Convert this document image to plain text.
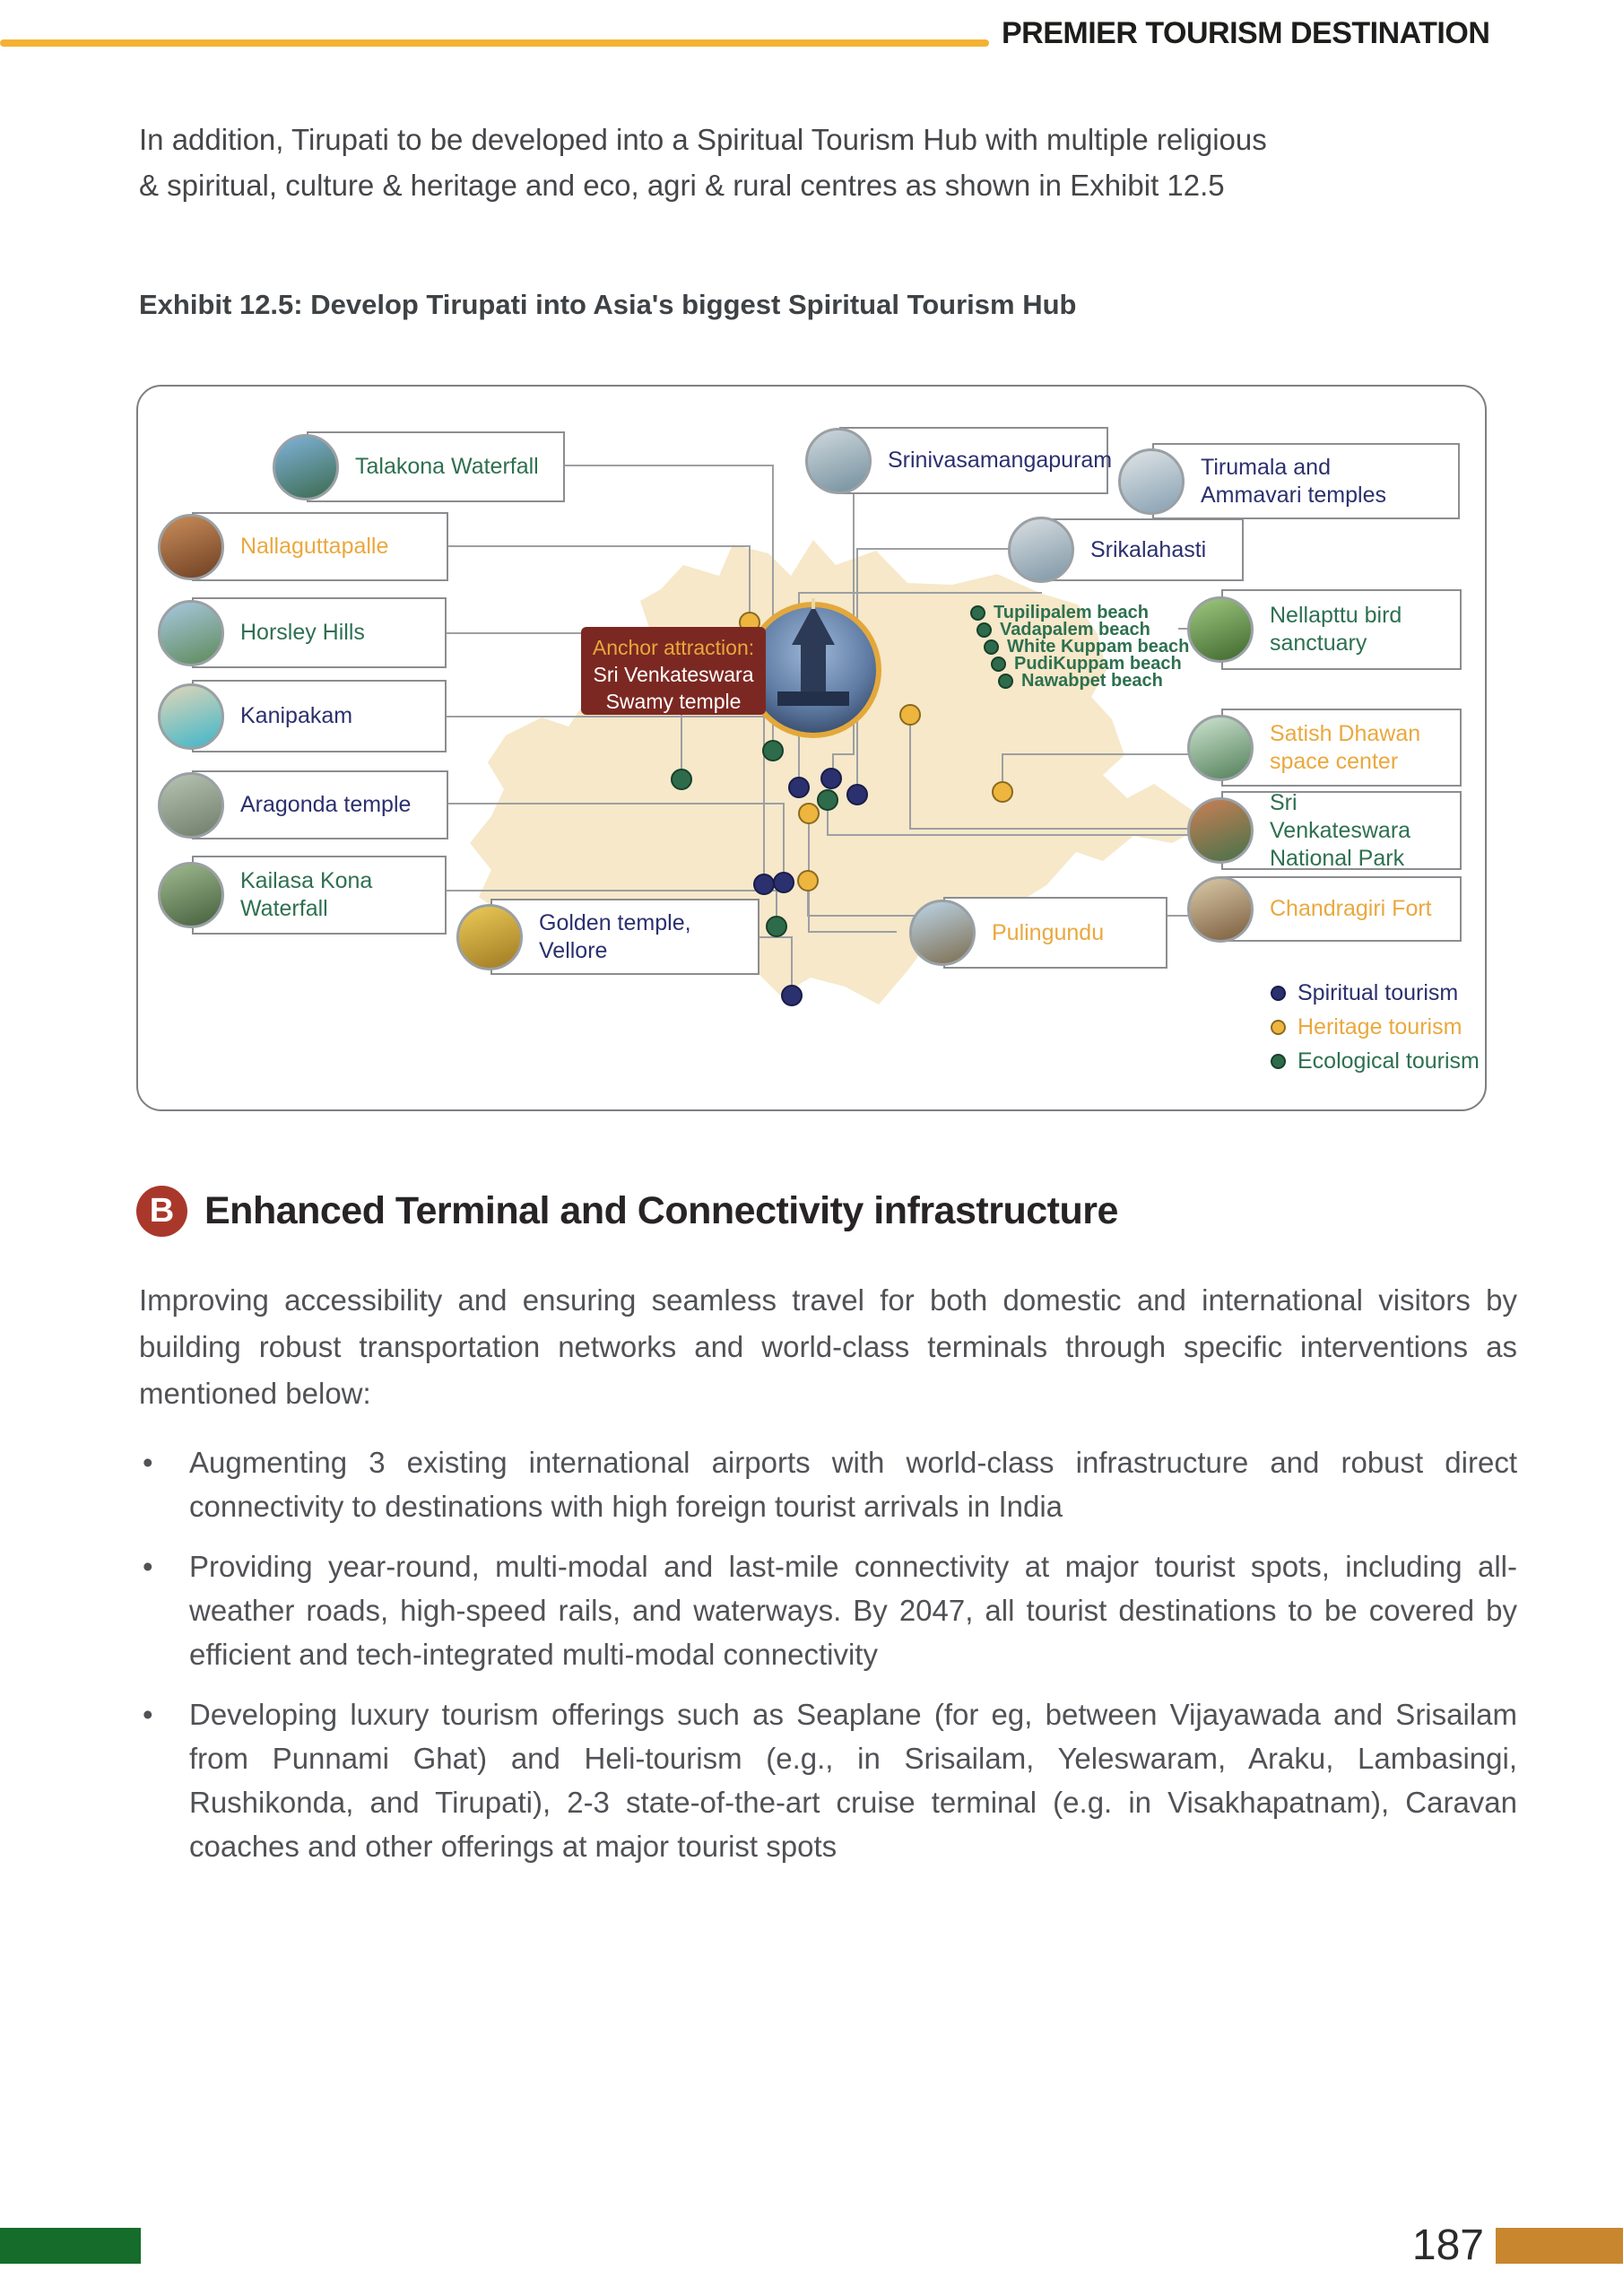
PREMIER TOURISM DESTINATION
In addition, Tirupati to be developed into a Spiritual Tourism Hub with multiple religious
& spiritual, culture & heritage and eco, agri & rural centres as shown in Exhibit 12.5
Exhibit 12.5: Develop Tirupati into Asia's biggest Spiritual Tourism Hub
Talakona Waterfall
Nallaguttapalle
Horsley Hills
Kanipakam
Aragonda temple
Kailasa Kona Waterfall
Golden temple, Vellore
Srinivasamangapuram	Tirumala and Ammavari temples
Srikalahasti
Nellapttu bird sanctuary
Satish Dhawan space center
Sri Venkateswara National Park
Chandragiri Fort
Pulingundu
Anchor attraction:
Sri Venkateswara
Swamy temple
Tupilipalem beach
Vadapalem beach
White Kuppam beach
PudiKuppam beach
Nawabpet beach
Spiritual tourism
Heritage tourism
Ecological tourism
B Enhanced Terminal and Connectivity infrastructure
Improving accessibility and ensuring seamless travel for both domestic and international visitors by building robust transportation networks and world-class terminals through specific interventions as mentioned below:
• Augmenting 3 existing international airports with world-class infrastructure and robust direct connectivity to destinations with high foreign tourist arrivals in India
• Providing year-round, multi-modal and last-mile connectivity at major tourist spots, including all-weather roads, high-speed rails, and waterways. By 2047, all tourist destinations to be covered by efficient and tech-integrated multi-modal connectivity
• Developing luxury tourism offerings such as Seaplane (for eg, between Vijayawada and Srisailam from Punnami Ghat) and Heli-tourism (e.g., in Srisailam, Yeleswaram, Araku, Lambasingi, Rushikonda, and Tirupati), 2-3 state-of-the-art cruise terminal (e.g. in Visakhapatnam), Caravan coaches and other offerings at major tourist spots
187
